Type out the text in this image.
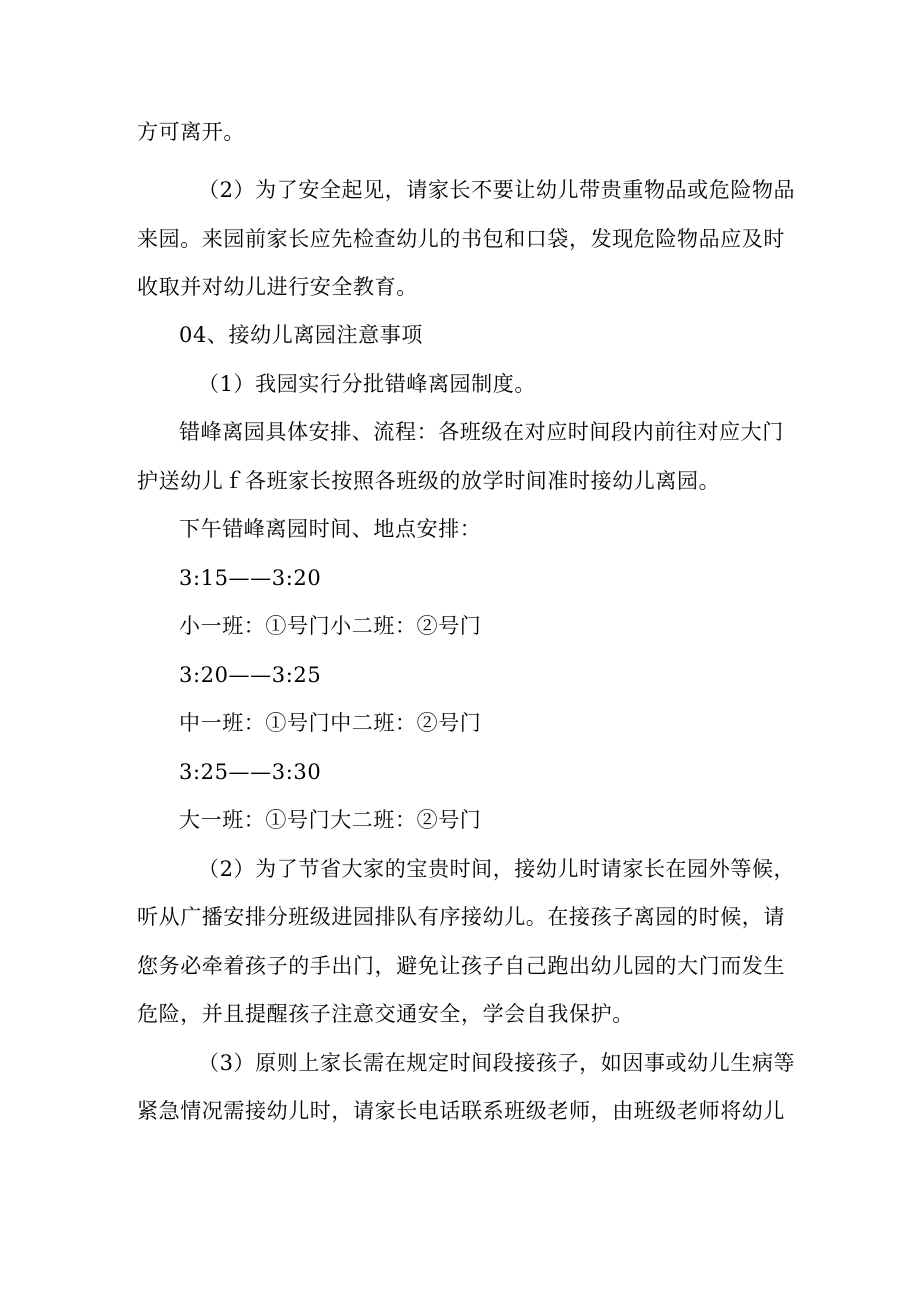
方可离开。
（2）为了安全起见，请家长不要让幼儿带贵重物品或危险物品
来园。来园前家长应先检查幼儿的书包和口袋，发现危险物品应及时
收取并对幼儿进行安全教育。
04、接幼儿离园注意事项
（1）我园实行分批错峰离园制度。
错峰离园具体安排、流程：各班级在对应时间段内前往对应大门
护送幼儿ｆ各班家长按照各班级的放学时间准时接幼儿离园。
下午错峰离园时间、地点安排：
3:15——3:20
小一班：①号门小二班：②号门
3:20——3:25
中一班：①号门中二班：②号门
3:25——3:30
大一班：①号门大二班：②号门
（2）为了节省大家的宝贵时间，接幼儿时请家长在园外等候，
听从广播安排分班级进园排队有序接幼儿。在接孩子离园的时候，请
您务必牵着孩子的手出门，避免让孩子自己跑出幼儿园的大门而发生
危险，并且提醒孩子注意交通安全，学会自我保护。
（3）原则上家长需在规定时间段接孩子，如因事或幼儿生病等
紧急情况需接幼儿时，请家长电话联系班级老师，由班级老师将幼儿
